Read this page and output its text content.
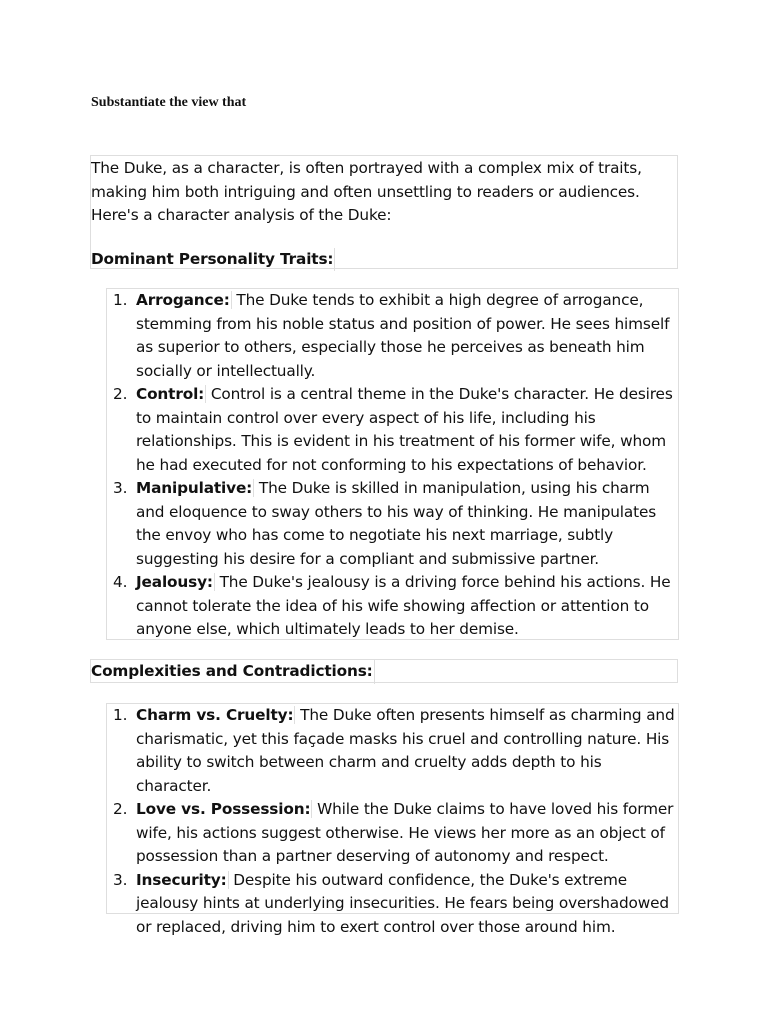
Substantiate the view that

The Duke, as a character, is often portrayed with a complex mix of traits, making him both intriguing and often unsettling to readers or audiences. Here's a character analysis of the Duke:

Dominant Personality Traits:
1. Arrogance: The Duke tends to exhibit a high degree of arrogance, stemming from his noble status and position of power. He sees himself as superior to others, especially those he perceives as beneath him socially or intellectually.
2. Control: Control is a central theme in the Duke's character. He desires to maintain control over every aspect of his life, including his relationships. This is evident in his treatment of his former wife, whom he had executed for not conforming to his expectations of behavior.
3. Manipulative: The Duke is skilled in manipulation, using his charm and eloquence to sway others to his way of thinking. He manipulates the envoy who has come to negotiate his next marriage, subtly suggesting his desire for a compliant and submissive partner.
4. Jealousy: The Duke's jealousy is a driving force behind his actions. He cannot tolerate the idea of his wife showing affection or attention to anyone else, which ultimately leads to her demise.
Complexities and Contradictions:
1. Charm vs. Cruelty: The Duke often presents himself as charming and charismatic, yet this façade masks his cruel and controlling nature. His ability to switch between charm and cruelty adds depth to his character.
2. Love vs. Possession: While the Duke claims to have loved his former wife, his actions suggest otherwise. He views her more as an object of possession than a partner deserving of autonomy and respect.
3. Insecurity: Despite his outward confidence, the Duke's extreme jealousy hints at underlying insecurities. He fears being overshadowed or replaced, driving him to exert control over those around him.
